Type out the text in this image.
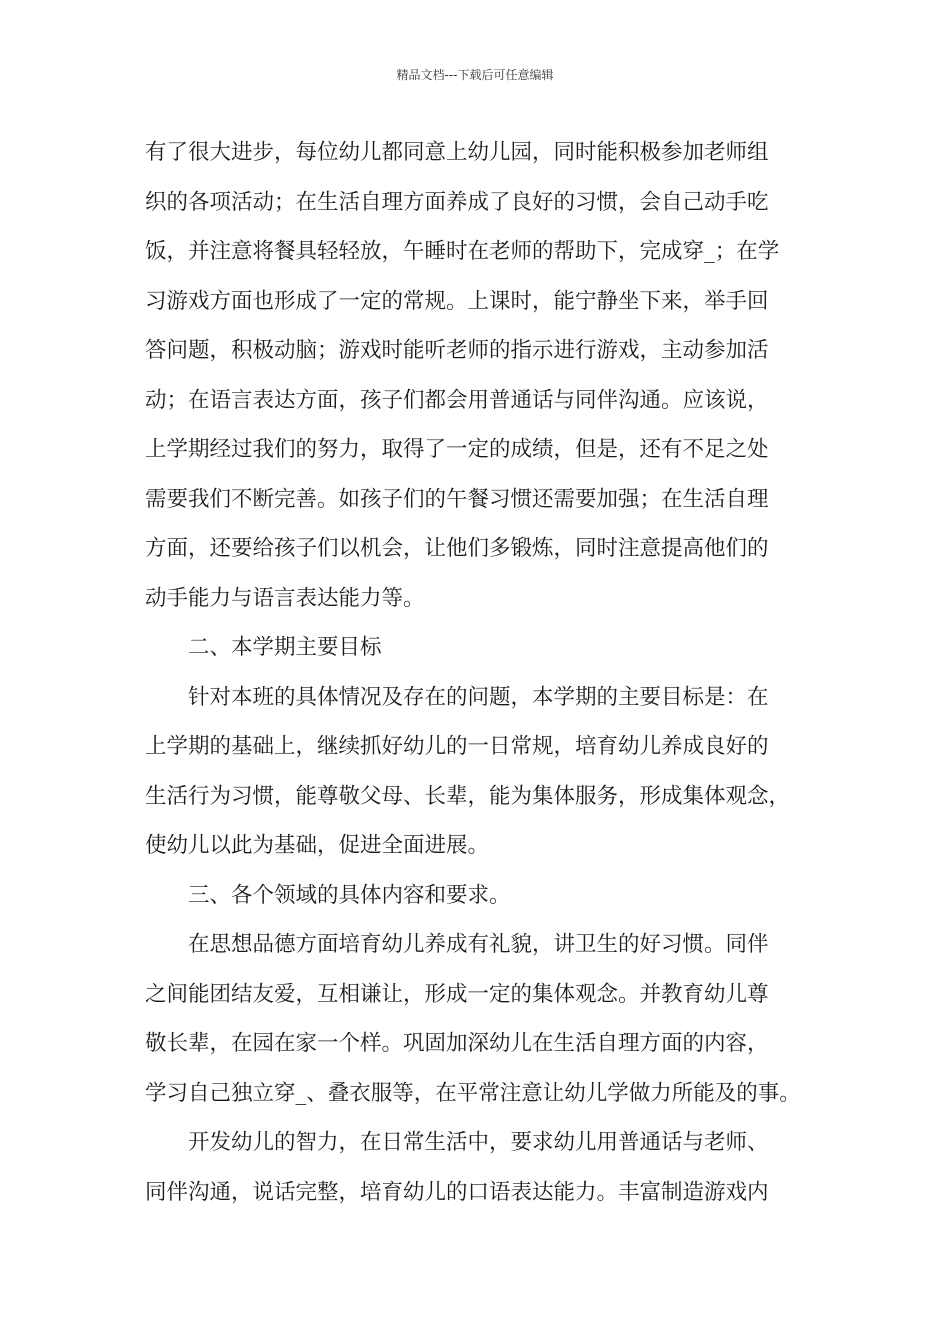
精品文档---下载后可任意编辑
有了很大进步，每位幼儿都同意上幼儿园，同时能积极参加老师组
织的各项活动；在生活自理方面养成了良好的习惯，会自己动手吃
饭，并注意将餐具轻轻放，午睡时在老师的帮助下，完成穿_；在学
习游戏方面也形成了一定的常规。上课时，能宁静坐下来，举手回
答问题，积极动脑；游戏时能听老师的指示进行游戏，主动参加活
动；在语言表达方面，孩子们都会用普通话与同伴沟通。应该说，
上学期经过我们的努力，取得了一定的成绩，但是，还有不足之处
需要我们不断完善。如孩子们的午餐习惯还需要加强；在生活自理
方面，还要给孩子们以机会，让他们多锻炼，同时注意提高他们的
动手能力与语言表达能力等。
二、本学期主要目标
针对本班的具体情况及存在的问题，本学期的主要目标是：在
上学期的基础上，继续抓好幼儿的一日常规，培育幼儿养成良好的
生活行为习惯，能尊敬父母、长辈，能为集体服务，形成集体观念，
使幼儿以此为基础，促进全面进展。
三、各个领域的具体内容和要求。
在思想品德方面培育幼儿养成有礼貌，讲卫生的好习惯。同伴
之间能团结友爱，互相谦让，形成一定的集体观念。并教育幼儿尊
敬长辈，在园在家一个样。巩固加深幼儿在生活自理方面的内容，
学习自己独立穿_、叠衣服等，在平常注意让幼儿学做力所能及的事。
开发幼儿的智力，在日常生活中，要求幼儿用普通话与老师、
同伴沟通，说话完整，培育幼儿的口语表达能力。丰富制造游戏内
